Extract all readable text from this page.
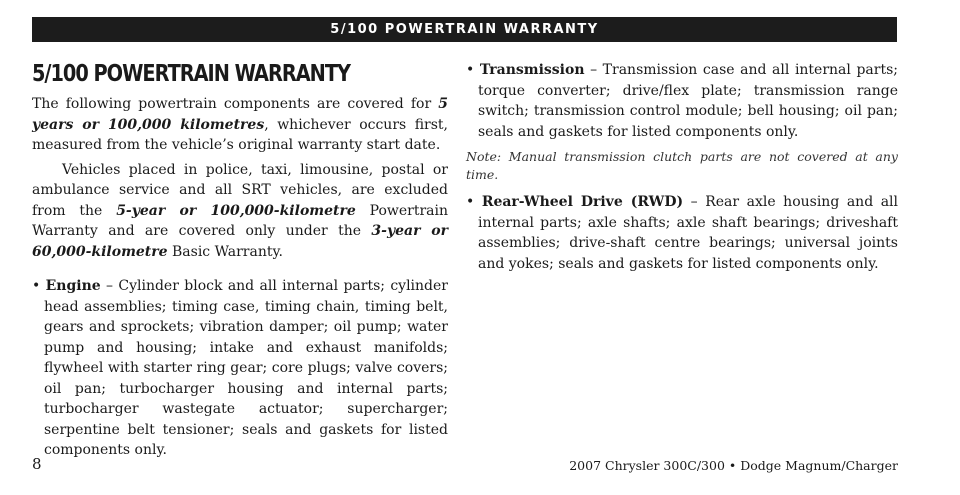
5/100 POWERTRAIN WARRANTY
5/100 POWERTRAIN WARRANTY

The following powertrain components are covered for 5 years or 100,000 kilometres, whichever occurs first, measured from the vehicle’s original warranty start date.

Vehicles placed in police, taxi, limousine, postal or ambulance service and all SRT vehicles, are excluded from the 5-year or 100,000-kilometre Powertrain Warranty and are covered only under the 3-year or 60,000-kilometre Basic Warranty.

• Engine – Cylinder block and all internal parts; cylinder head assemblies; timing case, timing chain, timing belt, gears and sprockets; vibration damper; oil pump; water pump and housing; intake and exhaust manifolds; flywheel with starter ring gear; core plugs; valve covers; oil pan; turbocharger housing and internal parts; turbocharger wastegate actuator; supercharger; serpentine belt tensioner; seals and gaskets for listed components only.

• Transmission – Transmission case and all internal parts; torque converter; drive/flex plate; transmission range switch; transmission control module; bell housing; oil pan; seals and gaskets for listed components only.

Note: Manual transmission clutch parts are not covered at any time.

• Rear-Wheel Drive (RWD) – Rear axle housing and all internal parts; axle shafts; axle shaft bearings; driveshaft assemblies; drive-shaft centre bearings; universal joints and yokes; seals and gaskets for listed components only.

8	2007 Chrysler 300C/300 • Dodge Magnum/Charger
